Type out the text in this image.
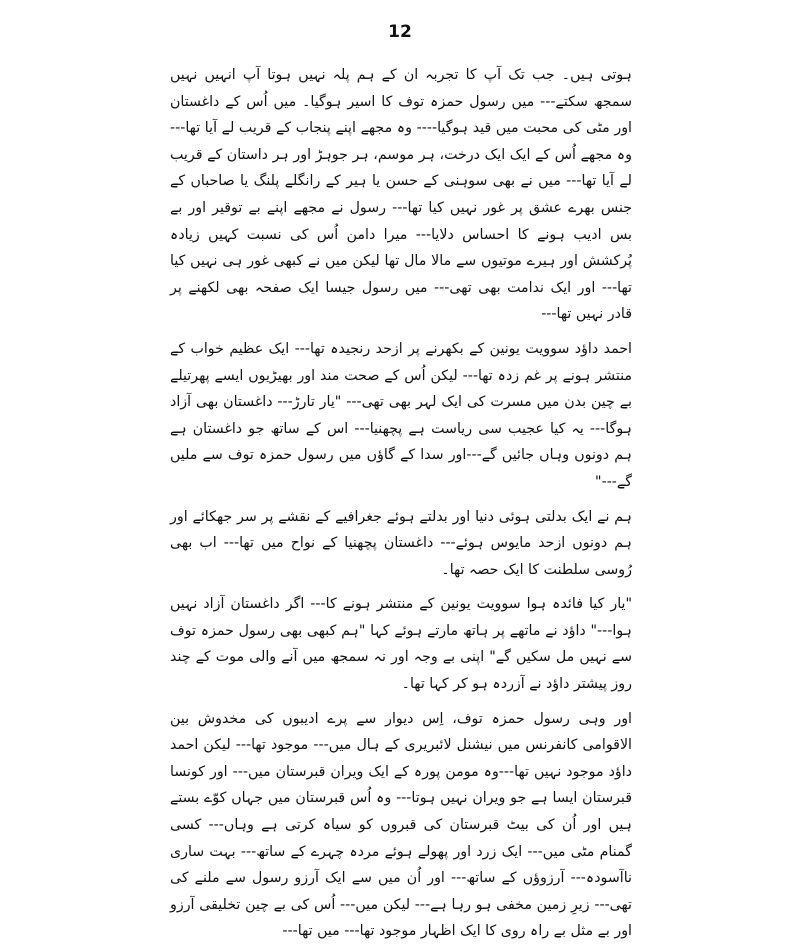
12

ہوتی ہیں۔ جب تک آپ کا تجربہ ان کے ہم پلہ نہیں ہوتا آپ انہیں نہیں سمجھ سکتے--- میں رسول حمزہ توف کا اسیر ہوگیا۔ میں اُس کے داغستان اور مٹی کی محبت میں قید ہوگیا---- وہ مجھے اپنے پنجاب کے قریب لے آیا تھا--- وہ مجھے اُس کے ایک ایک درخت، ہر موسم، ہر جوہڑ اور ہر داستان کے قریب لے آیا تھا--- میں نے بھی سوہنی کے حسن یا ہیر کے رانگلے پلنگ یا صاحباں کے جنس بھرے عشق پر غور نہیں کیا تھا--- رسول نے مجھے اپنے بے توقیر اور بے بس ادیب ہونے کا احساس دلایا--- میرا دامن اُس کی نسبت کہیں زیادہ پُرکشش اور ہیرے موتیوں سے مالا مال تھا لیکن میں نے کبھی غور ہی نہیں کیا تھا--- اور ایک ندامت بھی تھی--- میں رسول جیسا ایک صفحہ بھی لکھنے پر قادر نہیں تھا---

احمد داؤد سوویت یونین کے بکھرنے پر ازحد رنجیدہ تھا--- ایک عظیم خواب کے منتشر ہونے پر غم زدہ تھا--- لیکن اُس کے صحت مند اور بھیڑیوں ایسے پھرتیلے بے چین بدن میں مسرت کی ایک لہر بھی تھی--- "یار تارڑ--- داغستان بھی آزاد ہوگا--- یہ کیا عجیب سی ریاست ہے پچھنیا--- اس کے ساتھ جو داغستان ہے ہم دونوں وہاں جائیں گے---اور سدا کے گاؤں میں رسول حمزہ توف سے ملیں گے---"

ہم نے ایک بدلتی ہوئی دنیا اور بدلتے ہوئے جغرافیے کے نقشے پر سر جھکائے اور ہم دونوں ازحد مایوس ہوئے--- داغستان پچھنیا کے نواح میں تھا--- اب بھی رُوسی سلطنت کا ایک حصہ تھا۔

"یار کیا فائدہ ہوا سوویت یونین کے منتشر ہونے کا--- اگر داغستان آزاد نہیں ہوا---" داؤد نے ماتھے پر ہاتھ مارتے ہوئے کہا "ہم کبھی بھی رسول حمزہ توف سے نہیں مل سکیں گے" اپنی بے وجہ اور نہ سمجھ میں آنے والی موت کے چند روز پیشتر داؤد نے آزردہ ہو کر کہا تھا۔

اور وہی رسول حمزہ توف، اِس دیوار سے پرے ادیبوں کی مخدوش بین الاقوامی کانفرنس میں نیشنل لائبریری کے ہال میں--- موجود تھا--- لیکن احمد داؤد موجود نہیں تھا---وہ مومن پورہ کے ایک ویران قبرستان میں--- اور کونسا قبرستان ایسا ہے جو ویران نہیں ہوتا--- وہ اُس قبرستان میں جہاں کوّے بستے ہیں اور اُن کی بیٹ قبرستان کی قبروں کو سیاہ کرتی ہے وہاں--- کسی گمنام مٹی میں--- ایک زرد اور پھولے ہوئے مردہ چہرے کے ساتھ--- بہت ساری ناآسودہ--- آرزوؤں کے ساتھ--- اور اُن میں سے ایک آرزو رسول سے ملنے کی تھی--- زیرِ زمین مخفی ہو رہا ہے--- لیکن میں--- اُس کی بے چین تخلیقی آرزو اور بے مثل بے راہ روی کا ایک اظہار موجود تھا--- میں تھا---
